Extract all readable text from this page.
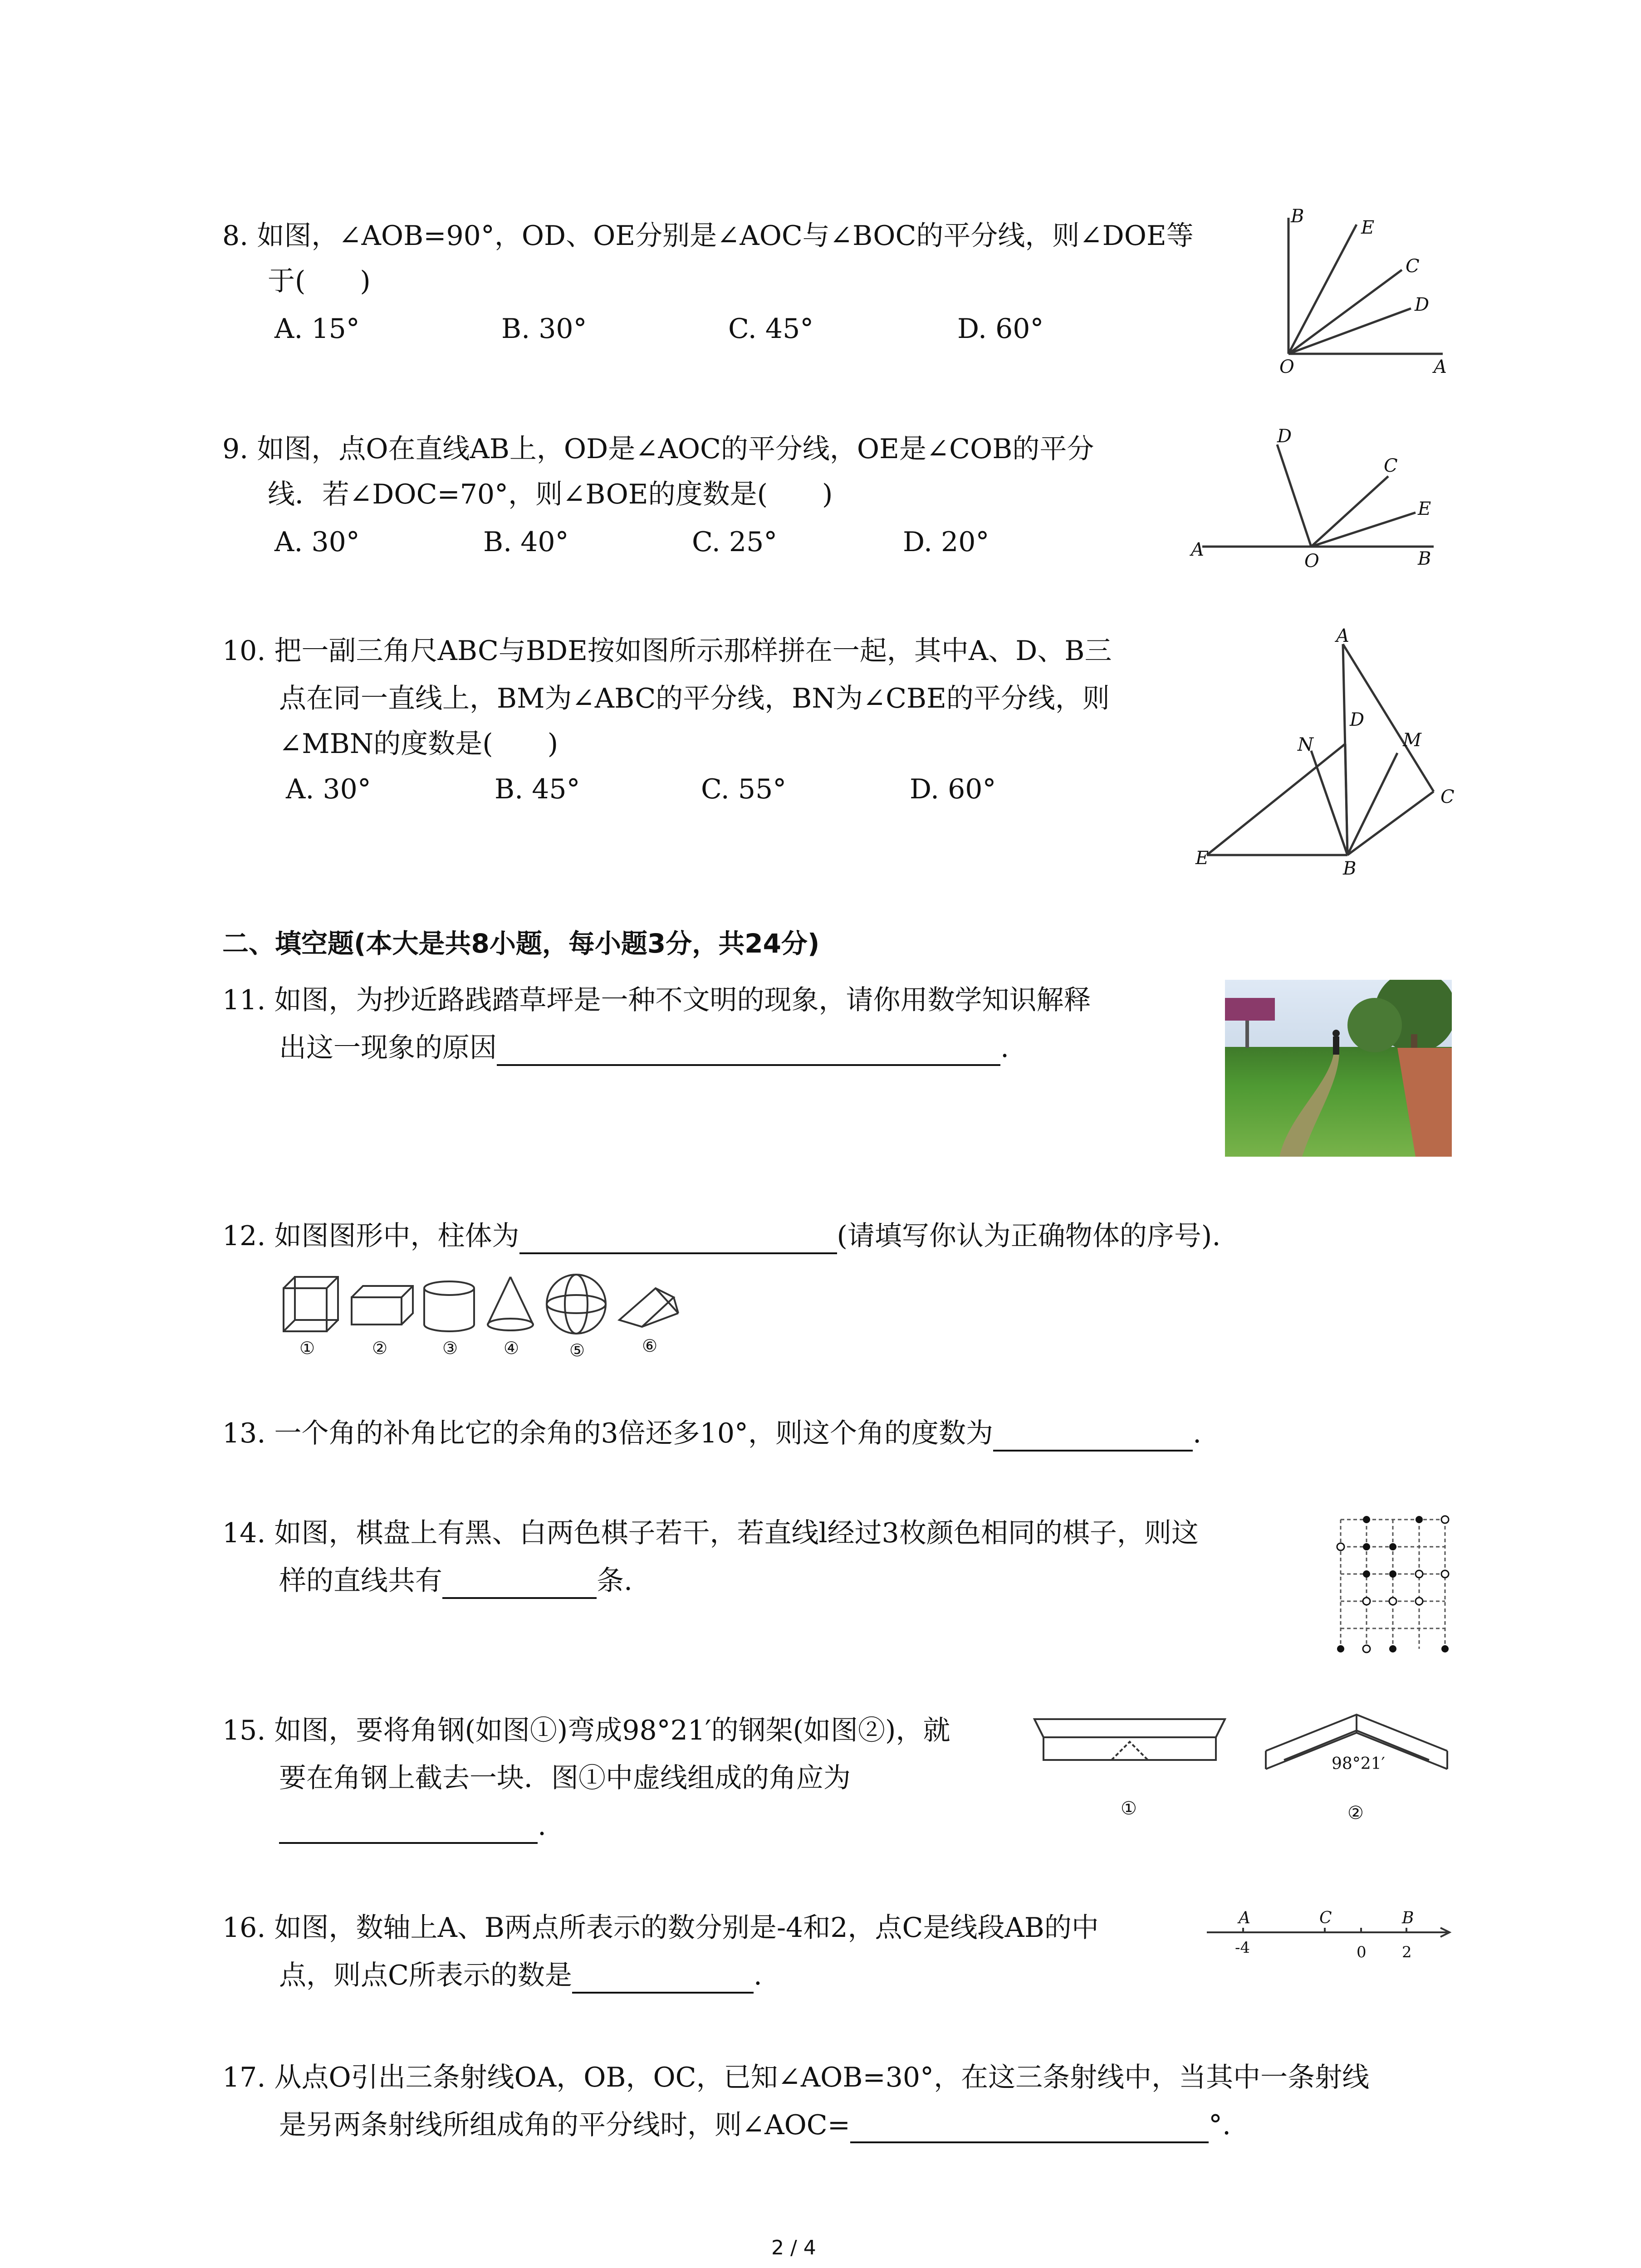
8. 如图，∠AOB=90°，OD、OE分别是∠AOC与∠BOC的平分线，则∠DOE等
于(　　)
A. 15°	B. 30°	C. 45°	D. 60°
B
E
C
D
O	A
9. 如图，点O在直线AB上，OD是∠AOC的平分线，OE是∠COB的平分
线．若∠DOC=70°，则∠BOE的度数是(　　)
A. 30°	B. 40°	C. 25°	D. 20°
D
C
E
A
O	B
10. 把一副三角尺ABC与BDE按如图所示那样拼在一起，其中A、D、B三
点在同一直线上，BM为∠ABC的平分线，BN为∠CBE的平分线，则
∠MBN的度数是(　　)
A. 30°	B. 45°	C. 55°	D. 60°
A
D
N	M
C
E	B
二、填空题(本大是共8小题，每小题3分，共24分)
11. 如图，为抄近路践踏草坪是一种不文明的现象，请你用数学知识解释
出这一现象的原因	.
12. 如图图形中，柱体为	(请填写你认为正确物体的序号).
①	②	③	④	⑤	⑥
13. 一个角的补角比它的余角的3倍还多10°，则这个角的度数为	.
14. 如图，棋盘上有黑、白两色棋子若干，若直线l经过3枚颜色相同的棋子，则这
样的直线共有	条.
15. 如图，要将角钢(如图①)弯成98°21′的钢架(如图②)，就
要在角钢上截去一块．图①中虚线组成的角应为
.
①	②
98°21′
16. 如图，数轴上A、B两点所表示的数分别是-4和2，点C是线段AB的中
点，则点C所表示的数是	.
A	C	B
-4	0 2
17. 从点O引出三条射线OA，OB，OC，已知∠AOB=30°，在这三条射线中，当其中一条射线
是另两条射线所组成角的平分线时，则∠AOC=	°.
2 / 4
